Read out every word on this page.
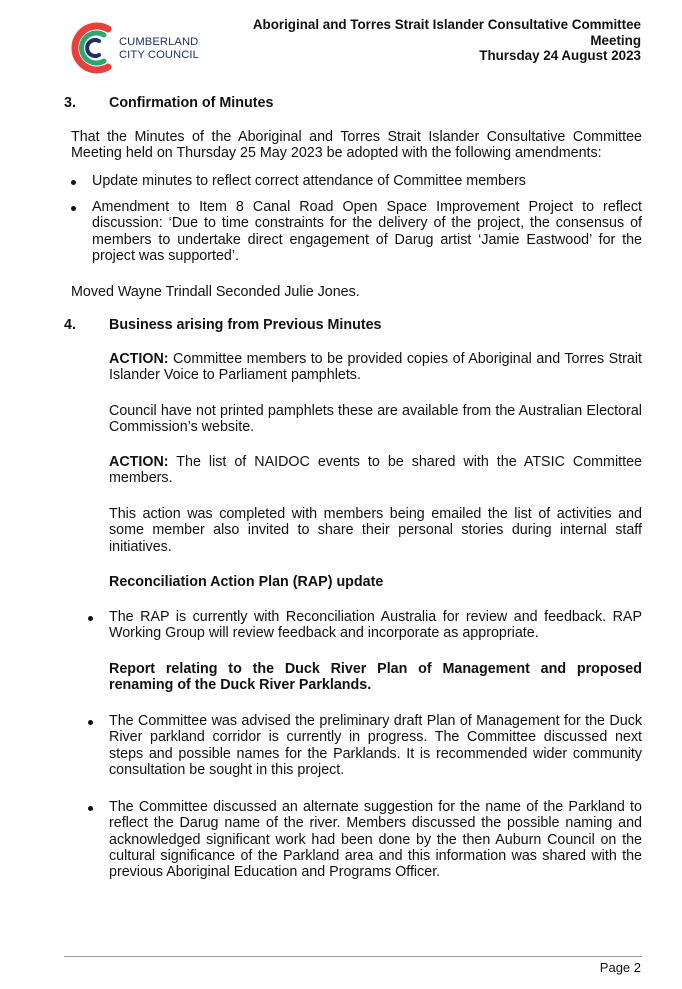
CUMBERLAND
CITY COUNCIL
Aboriginal and Torres Strait Islander Consultative Committee
Meeting
Thursday 24 August 2023
3. Confirmation of Minutes
That the Minutes of the Aboriginal and Torres Strait Islander Consultative Committee Meeting held on Thursday 25 May 2023 be adopted with the following amendments:
Update minutes to reflect correct attendance of Committee members
Amendment to Item 8 Canal Road Open Space Improvement Project to reflect discussion: ‘Due to time constraints for the delivery of the project, the consensus of members to undertake direct engagement of Darug artist ‘Jamie Eastwood’ for the project was supported’.
Moved Wayne Trindall Seconded Julie Jones.
4. Business arising from Previous Minutes
ACTION: Committee members to be provided copies of Aboriginal and Torres Strait Islander Voice to Parliament pamphlets.
Council have not printed pamphlets these are available from the Australian Electoral Commission’s website.
ACTION: The list of NAIDOC events to be shared with the ATSIC Committee members.
This action was completed with members being emailed the list of activities and some member also invited to share their personal stories during internal staff initiatives.
Reconciliation Action Plan (RAP) update
The RAP is currently with Reconciliation Australia for review and feedback. RAP Working Group will review feedback and incorporate as appropriate.
Report relating to the Duck River Plan of Management and proposed renaming of the Duck River Parklands.
The Committee was advised the preliminary draft Plan of Management for the Duck River parkland corridor is currently in progress. The Committee discussed next steps and possible names for the Parklands. It is recommended wider community consultation be sought in this project.
The Committee discussed an alternate suggestion for the name of the Parkland to reflect the Darug name of the river. Members discussed the possible naming and acknowledged significant work had been done by the then Auburn Council on the cultural significance of the Parkland area and this information was shared with the previous Aboriginal Education and Programs Officer.
Page 2
